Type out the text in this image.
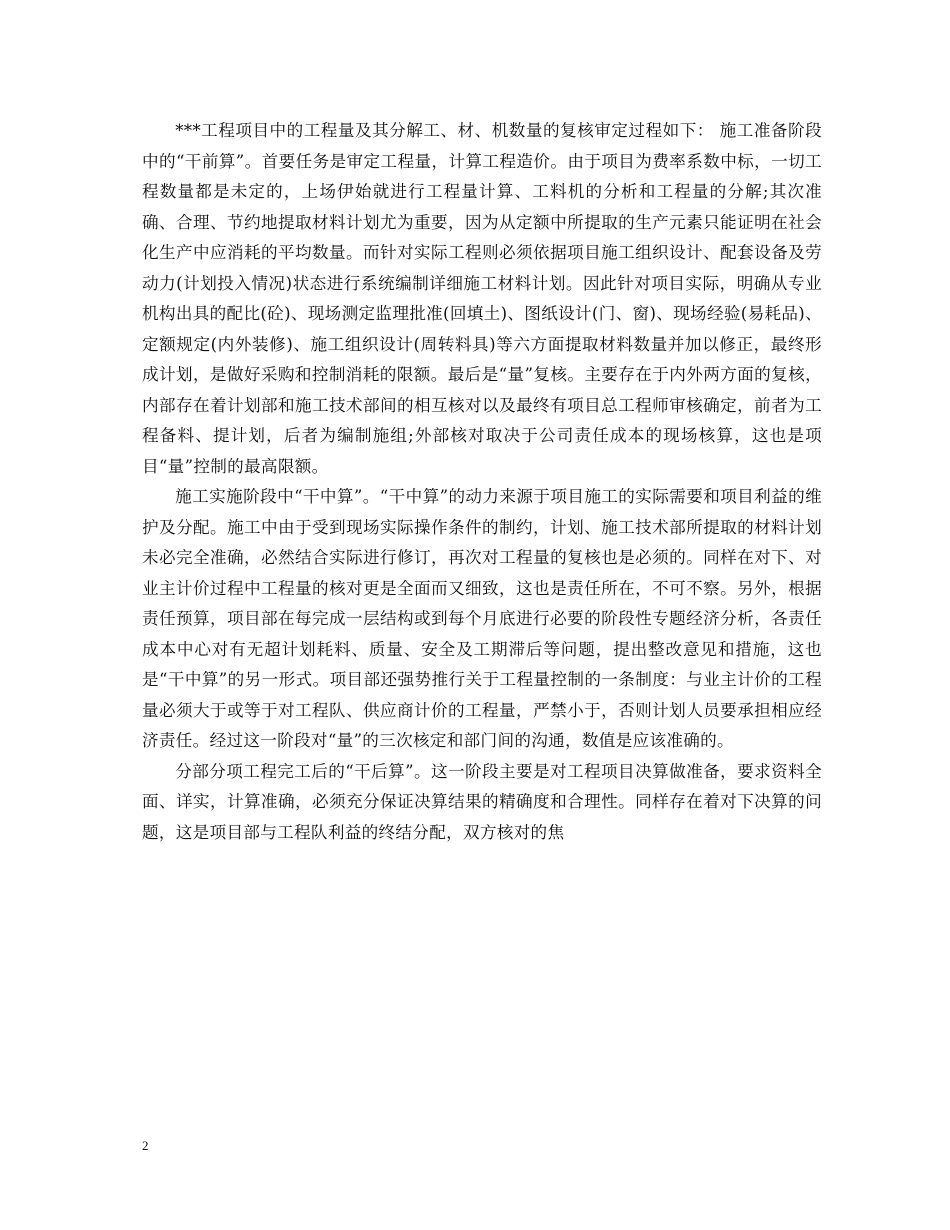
***工程项目中的工程量及其分解工、材、机数量的复核审定过程如下： 施工准备阶段中的“干前算”。首要任务是审定工程量，计算工程造价。由于项目为费率系数中标，一切工程数量都是未定的，上场伊始就进行工程量计算、工料机的分析和工程量的分解;其次准确、合理、节约地提取材料计划尤为重要，因为从定额中所提取的生产元素只能证明在社会化生产中应消耗的平均数量。而针对实际工程则必须依据项目施工组织设计、配套设备及劳动力(计划投入情况)状态进行系统编制详细施工材料计划。因此针对项目实际，明确从专业机构出具的配比(砼)、现场测定监理批准(回填土)、图纸设计(门、窗)、现场经验(易耗品)、定额规定(内外装修)、施工组织设计(周转料具)等六方面提取材料数量并加以修正，最终形成计划，是做好采购和控制消耗的限额。最后是“量”复核。主要存在于内外两方面的复核，内部存在着计划部和施工技术部间的相互核对以及最终有项目总工程师审核确定，前者为工程备料、提计划，后者为编制施组;外部核对取决于公司责任成本的现场核算，这也是项目“量”控制的最高限额。

施工实施阶段中“干中算”。“干中算”的动力来源于项目施工的实际需要和项目利益的维护及分配。施工中由于受到现场实际操作条件的制约，计划、施工技术部所提取的材料计划未必完全准确，必然结合实际进行修订，再次对工程量的复核也是必须的。同样在对下、对业主计价过程中工程量的核对更是全面而又细致，这也是责任所在，不可不察。另外，根据责任预算，项目部在每完成一层结构或到每个月底进行必要的阶段性专题经济分析，各责任成本中心对有无超计划耗料、质量、安全及工期滞后等问题，提出整改意见和措施，这也是“干中算”的另一形式。项目部还强势推行关于工程量控制的一条制度：与业主计价的工程量必须大于或等于对工程队、供应商计价的工程量，严禁小于，否则计划人员要承担相应经济责任。经过这一阶段对“量”的三次核定和部门间的沟通，数值是应该准确的。

分部分项工程完工后的“干后算”。这一阶段主要是对工程项目决算做准备，要求资料全面、详实，计算准确，必须充分保证决算结果的精确度和合理性。同样存在着对下决算的问题，这是项目部与工程队利益的终结分配，双方核对的焦

2
